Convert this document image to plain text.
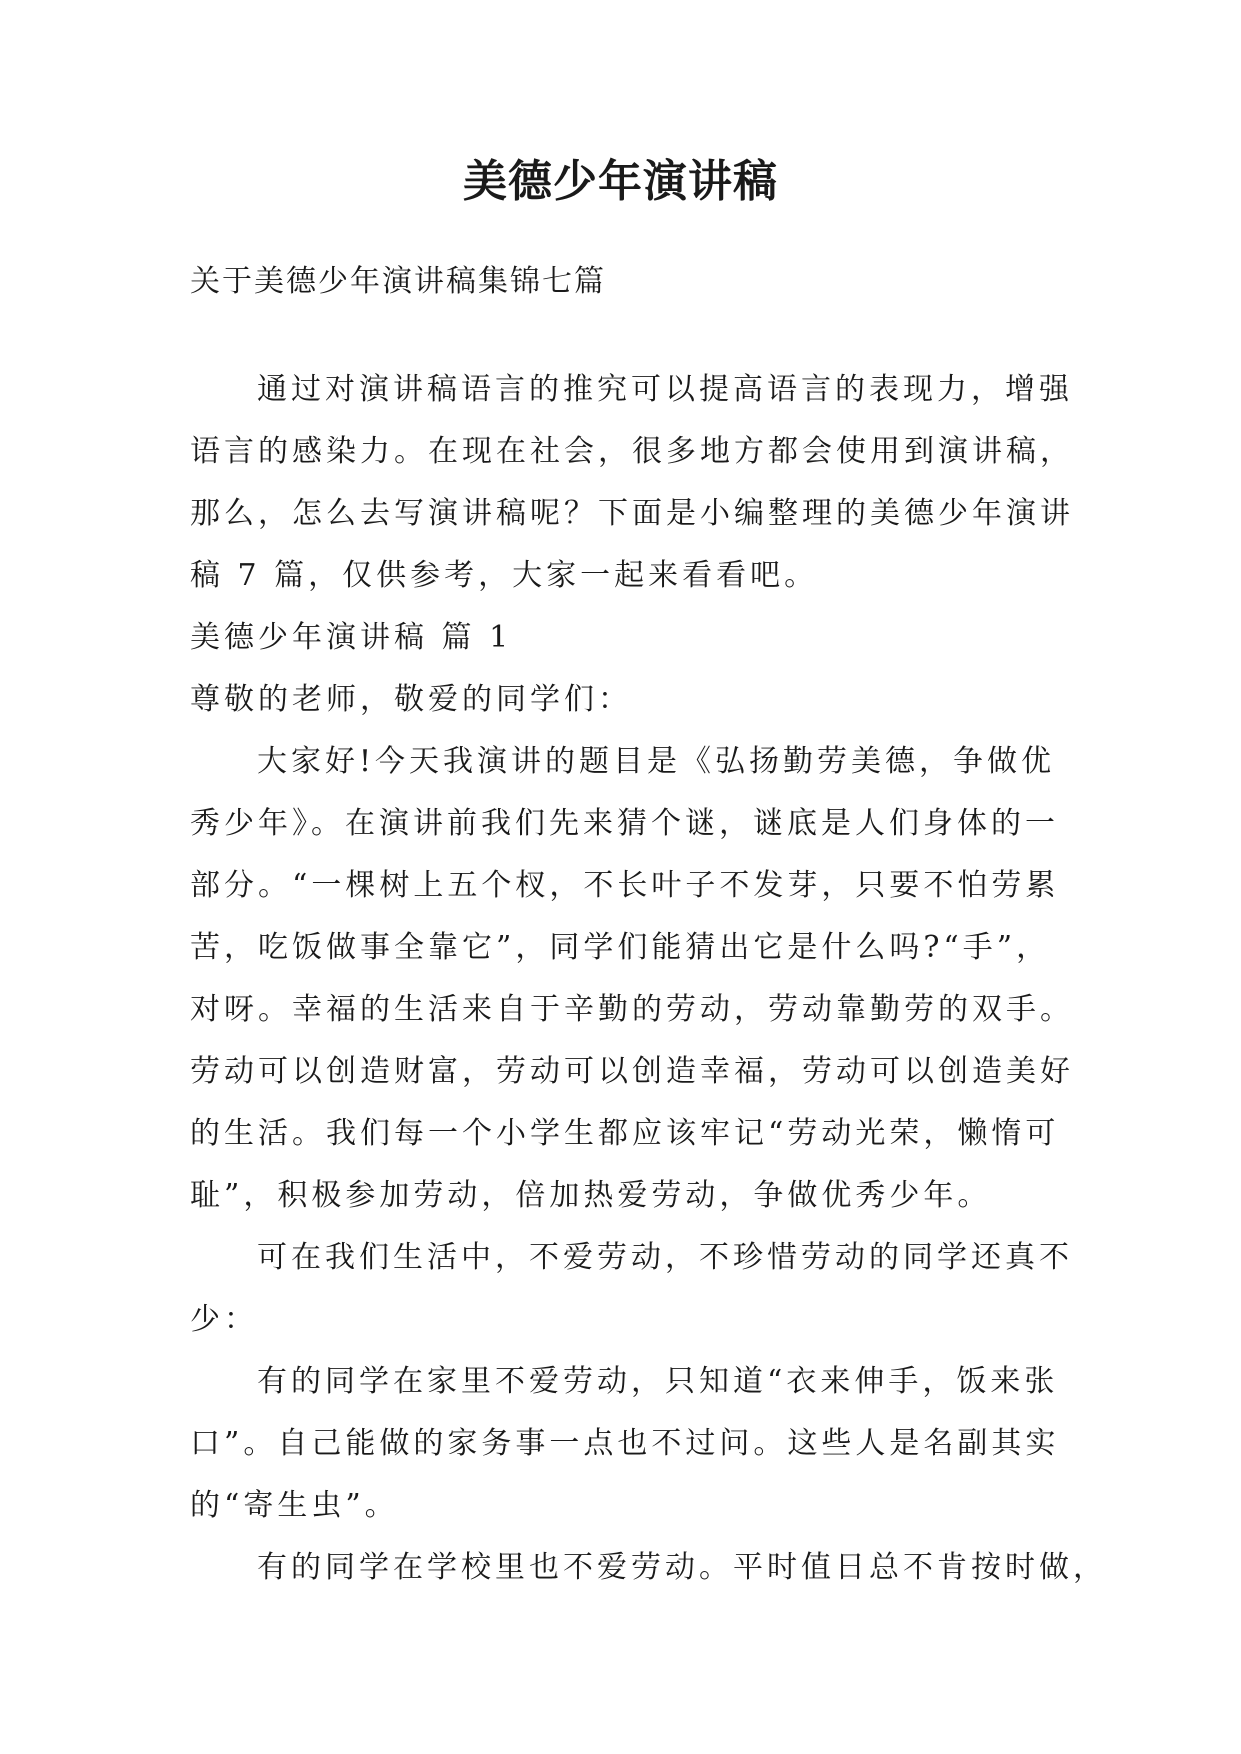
美德少年演讲稿
关于美德少年演讲稿集锦七篇
通过对演讲稿语言的推究可以提高语言的表现力，增强
语言的感染力。在现在社会，很多地方都会使用到演讲稿，
那么，怎么去写演讲稿呢？下面是小编整理的美德少年演讲
稿 7 篇，仅供参考，大家一起来看看吧。
美德少年演讲稿 篇 1
尊敬的老师，敬爱的同学们：
大家好!今天我演讲的题目是《弘扬勤劳美德，争做优
秀少年》。在演讲前我们先来猜个谜，谜底是人们身体的一
部分。“一棵树上五个杈，不长叶子不发芽，只要不怕劳累
苦，吃饭做事全靠它”，同学们能猜出它是什么吗?“手”，
对呀。幸福的生活来自于辛勤的劳动，劳动靠勤劳的双手。
劳动可以创造财富，劳动可以创造幸福，劳动可以创造美好
的生活。我们每一个小学生都应该牢记“劳动光荣，懒惰可
耻”，积极参加劳动，倍加热爱劳动，争做优秀少年。
可在我们生活中，不爱劳动，不珍惜劳动的同学还真不
少：
有的同学在家里不爱劳动，只知道“衣来伸手，饭来张
口”。自己能做的家务事一点也不过问。这些人是名副其实
的“寄生虫”。
有的同学在学校里也不爱劳动。平时值日总不肯按时做，
